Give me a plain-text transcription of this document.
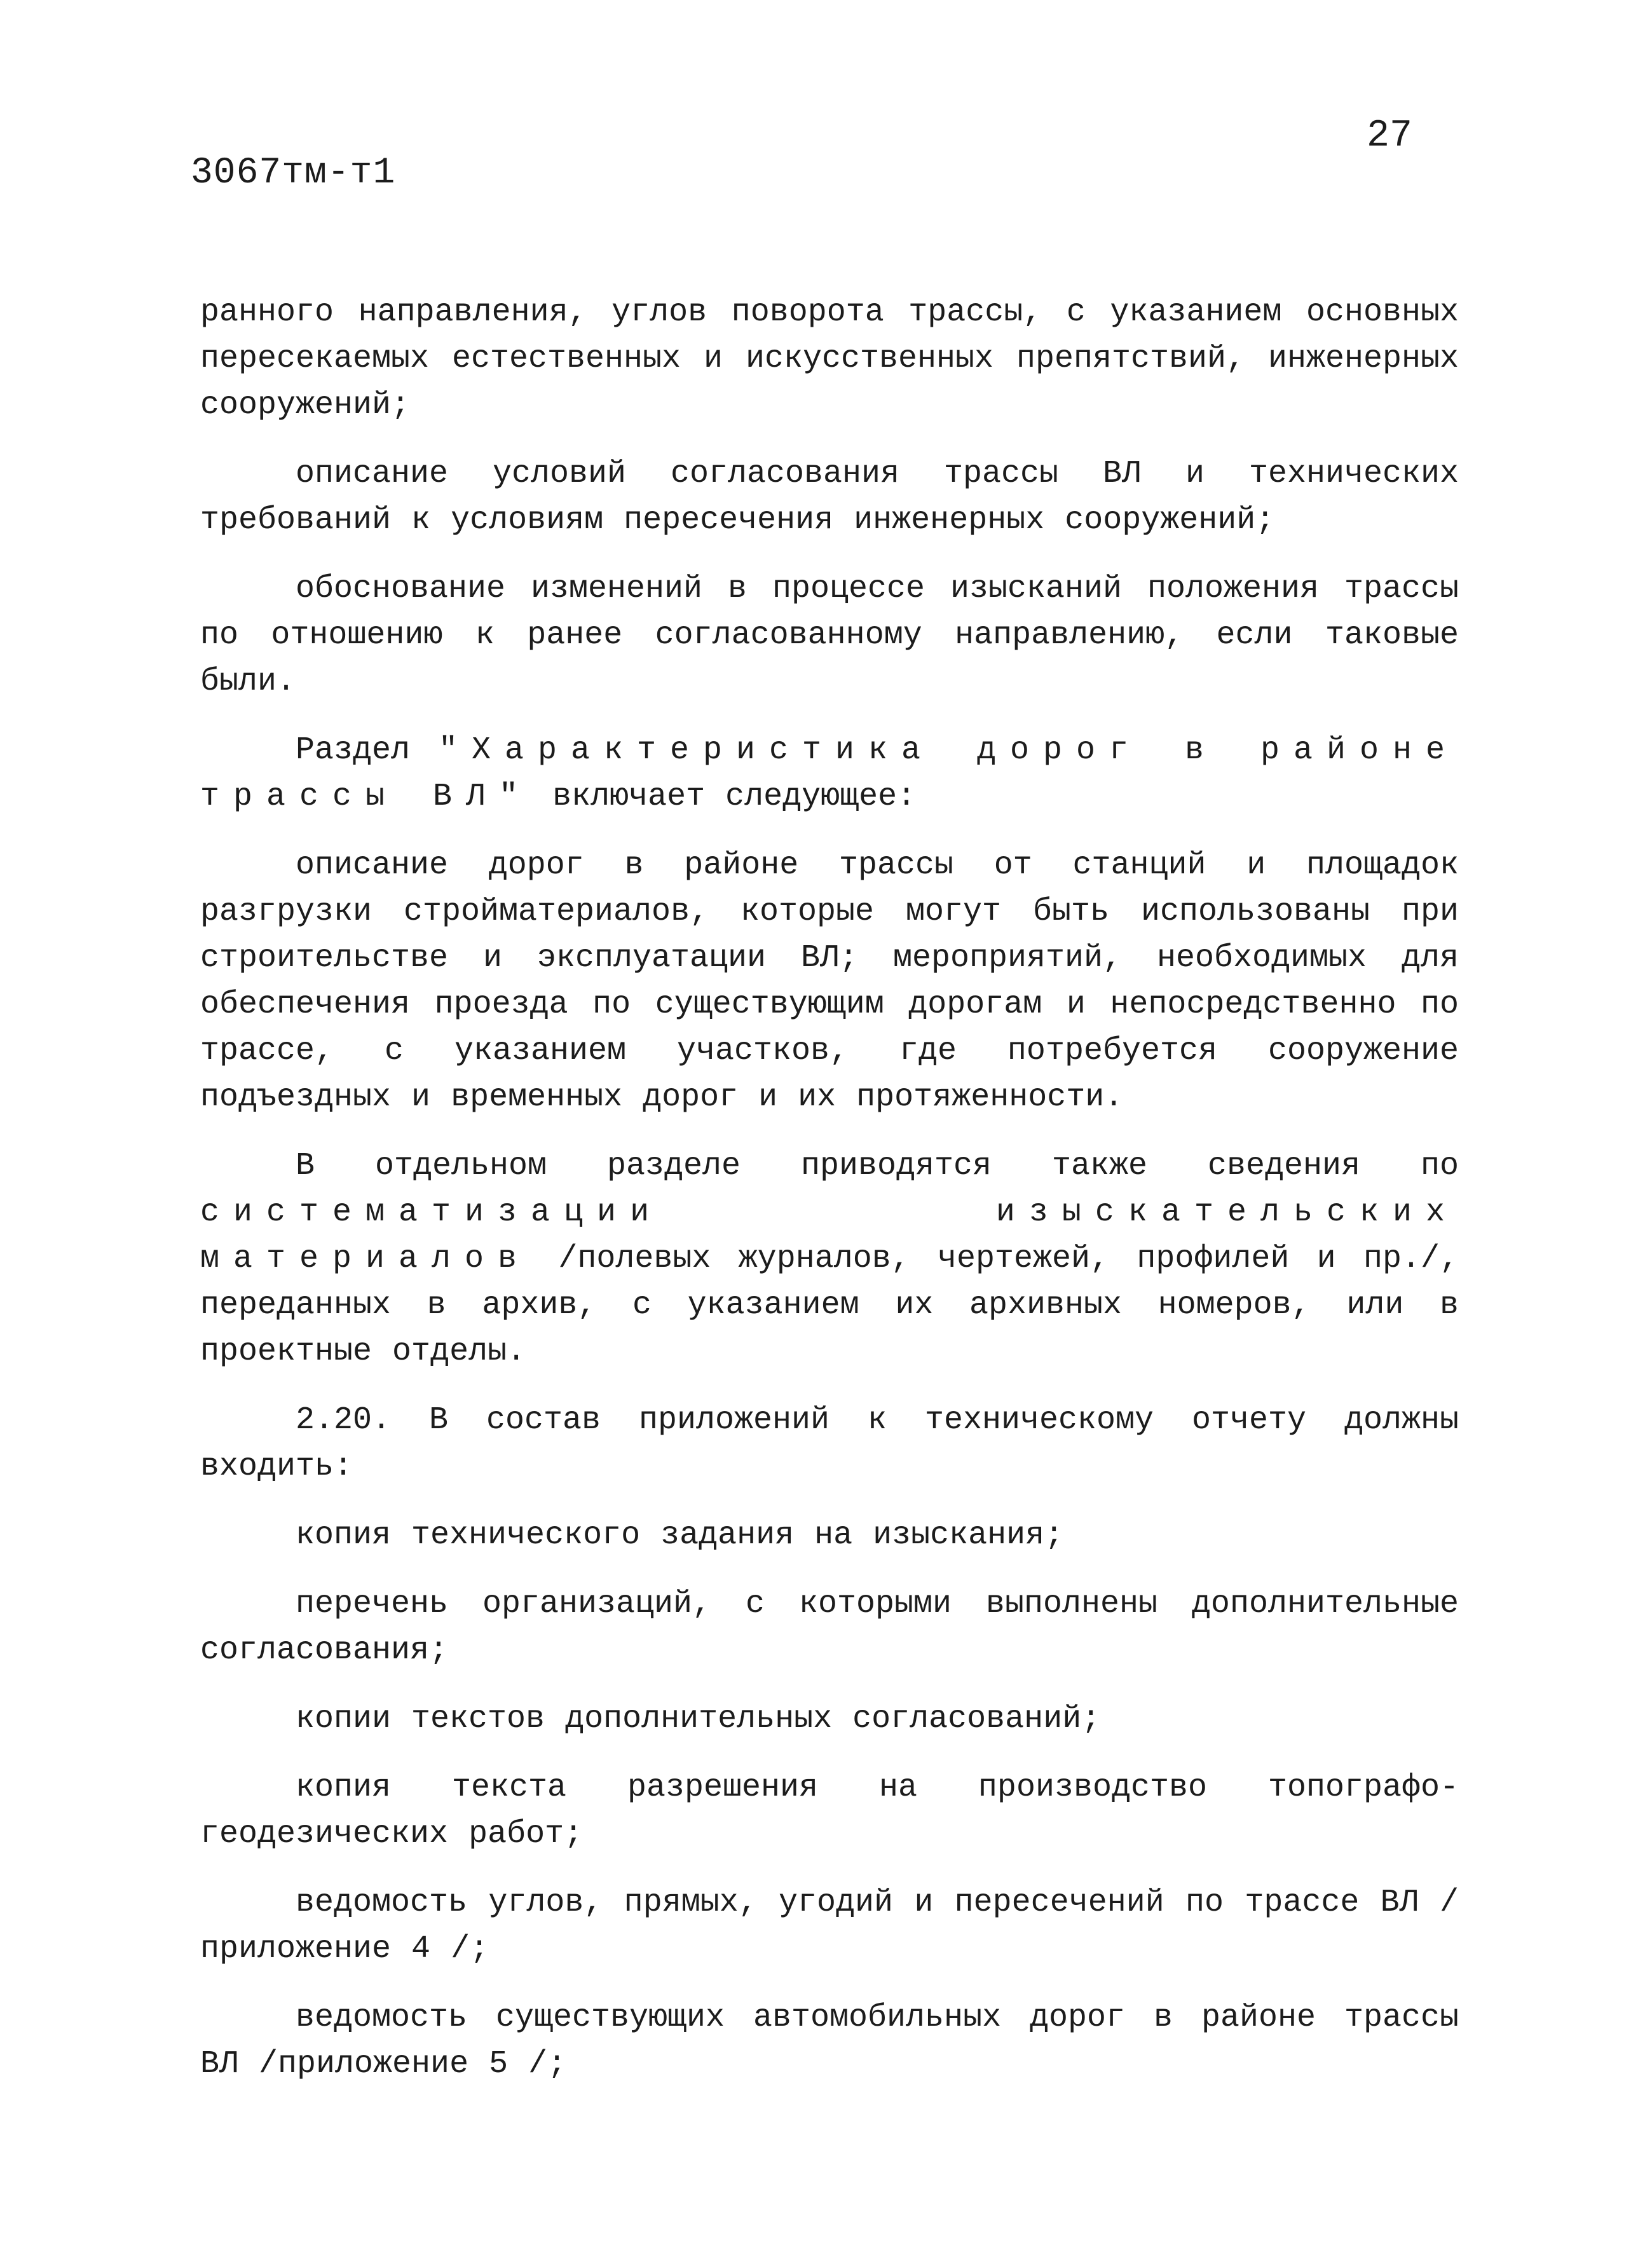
3067тм-т1
27

ранного направления, углов поворота трассы, с указанием основных пересекаемых естественных и искусственных препятствий, инженерных сооружений;

описание условий согласования трассы ВЛ и технических требований к условиям пересечения инженерных сооружений;

обоснование изменений в процессе изысканий положения трассы по отношению к ранее согласованному направлению, если таковые были.

Раздел "Характеристика дорог в районе трассы ВЛ" включает следующее:

описание дорог в районе трассы от станций и площадок разгрузки стройматериалов, которые могут быть использованы при строительстве и эксплуатации ВЛ; мероприятий, необходимых для обеспечения проезда по существующим дорогам и непосредственно по трассе, с указанием участков, где потребуется сооружение подъездных и временных дорог и их протяженности.

В отдельном разделе приводятся также сведения по систематизации изыскательских материалов /полевых журналов, чертежей, профилей и пр./, переданных в архив, с указанием их архивных номеров, или в проектные отделы.

2.20. В состав приложений к техническому отчету должны входить:

копия технического задания на изыскания;

перечень организаций, с которыми выполнены дополнительные согласования;

копии текстов дополнительных согласований;

копия текста разрешения на производство топографо-геодезических работ;

ведомость углов, прямых, угодий и пересечений по трассе ВЛ /приложение 4 /;

ведомость существующих автомобильных дорог в районе трассы ВЛ /приложение 5 /;
